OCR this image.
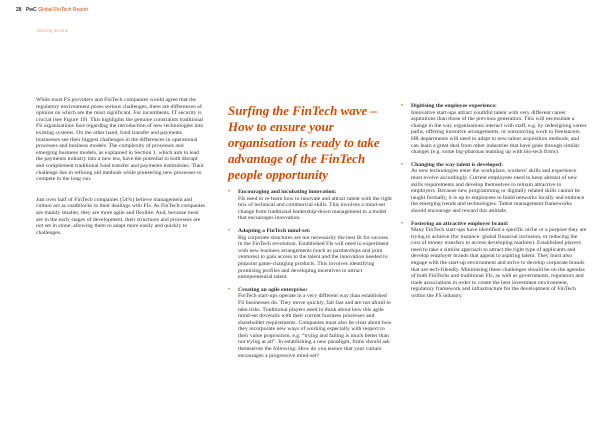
28 PwC Global FinTech Report
Blurring the line
∙ ∙ ∙

While most FS providers and FinTech companies would agree that the regulatory environment poses serious challenges, there are differences of opinion on which are the most significant. For incumbents, IT security is crucial (see Figure 19). This highlights the genuine constraints traditional FS organisations face regarding the introduction of new technologies into existing systems. On the other hand, fund transfer and payments businesses see their biggest challenges in the differences in operational processes and business models. The complexity of processes and emerging business models, as explained in Section 1, which aim to lead the payments industry into a new era, have the potential to both disrupt and complement traditional fund transfer and payments institutions. Their challenge lies in refining old methods while pioneering new processes to compete in the long run.

Just over half of FinTech companies (54%) believe management and culture act as roadblocks in their dealings with FIs. As FinTech companies are mainly smaller, they are more agile and flexible. And, because most are in the early stages of development, their structures and processes are not set in stone, allowing them to adapt more easily and quickly to challenges.

Surfing the FinTech wave – How to ensure your organisation is ready to take advantage of the FinTech people opportunity
• Encouraging and incubating innovation:
FIs need to re-learn how to innovate and attract talent with the right mix of technical and commercial skills. This involves a mind-set change from traditional leadership-down management to a model that encourages innovation.
• Adopting a FinTech mind-set:
Big corporate structures are not necessarily the best fit for success in the FinTech revolution. Established FIs will need to experiment with new business arrangements (such as partnerships and joint ventures) to gain access to the talent and the innovation needed to pinpoint game-changing products. This involves identifying promising profiles and developing incentives to attract entrepreneurial talent.
• Creating an agile enterprise:
FinTech start-ups operate in a very different way than established FS businesses do. They move quickly, fail fast and are not afraid to take risks. Traditional players need to think about how this agile mind-set dovetails with their current business processes and shareholder requirements. Companies must also be clear about how they incorporate new ways of working especially with respect to their value proposition, e.g. “trying and failing is much better than not trying at all”. In establishing a new paradigm, firms should ask themselves the following: How do you ensure that your culture encourages a progressive mind-set?
• Digitising the employee experience:
Innovative start-ups attract youthful talent with very different career aspirations than those of the previous generation. This will necessitate a change in the way organisations interact with staff, e.g. by redesigning career paths, offering incentive arrangements, or outsourcing work to freelancers. HR departments will need to adapt to new talent acquisition methods, and can learn a great deal from other industries that have gone through similar changes (e.g. some big-pharmas teaming up with bio-tech firms).
• Changing the way talent is developed:
As new technologies enter the workplace, workers’ skills and experience must evolve accordingly. Current employees need to keep abreast of new skills requirements and develop themselves to remain attractive to employers. Because new programming or digitally related skills cannot be taught formally, it is up to employees to build networks locally and embrace the emerging trends and technologies. Talent management frameworks should encourage and reward this attitude.
• Fostering an attractive employer brand:
Many FinTech start-ups have identified a specific niche or a purpose they are trying to achieve (for instance: global financial inclusion, or reducing the cost of money transfers to access developing markets). Established players need to take a similar approach to attract the right type of applicants and develop employer brands that appeal to aspiring talent. They must also engage with the start-up environment and strive to develop corporate brands that are tech-friendly. Minimising these challenges should be on the agendas of both FinTechs and traditional FIs, as well as governments, regulators and trade associations in order to create the best investment environment, regulatory framework and infrastructure for the development of FinTech within the FS industry.
